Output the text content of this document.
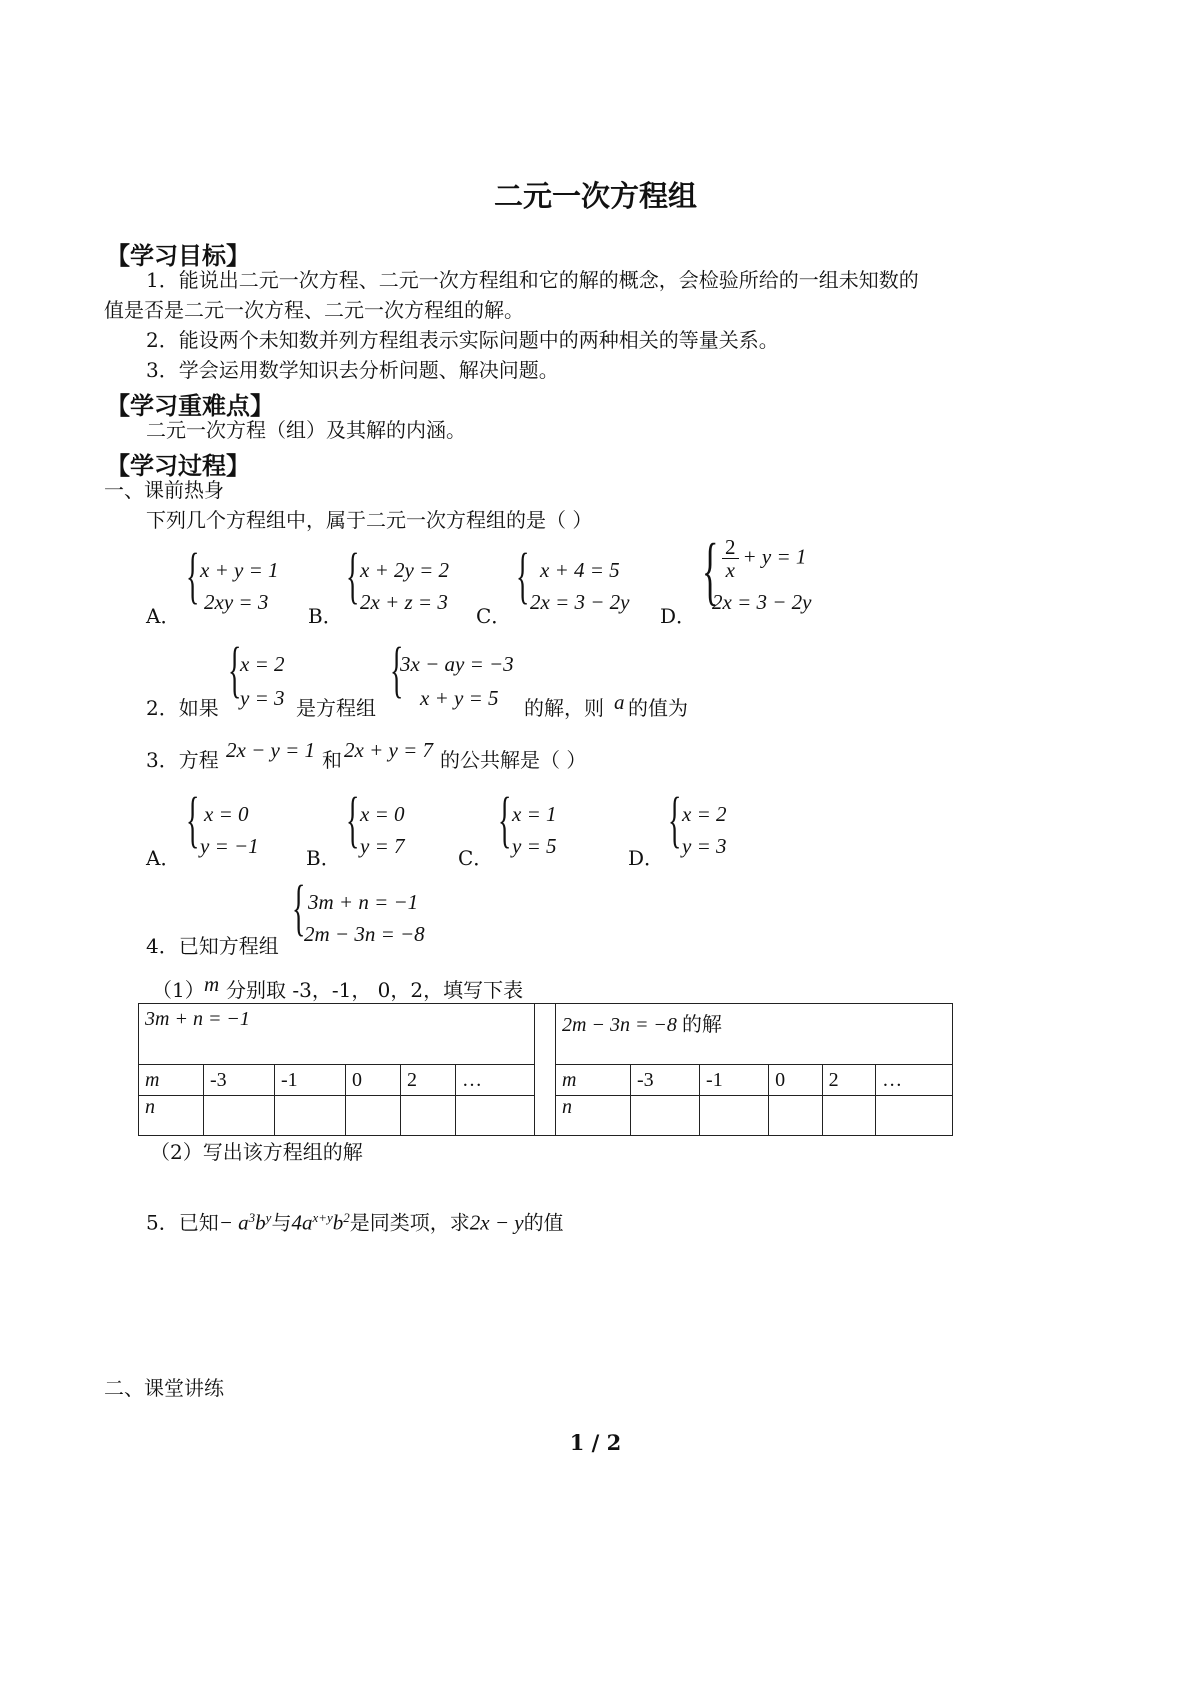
二元一次方程组
【学习目标】
1．能说出二元一次方程、二元一次方程组和它的解的概念，会检验所给的一组未知数的
值是否是二元一次方程、二元一次方程组的解。
2．能设两个未知数并列方程组表示实际问题中的两种相关的等量关系。
3．学会运用数学知识去分析问题、解决问题。
【学习重难点】
二元一次方程（组）及其解的内涵。
【学习过程】
一、课前热身
下列几个方程组中，属于二元一次方程组的是（ ）
A．
{ x + y = 1
2xy = 3
B．
{ x + 2y = 2
2x + z = 3
C．
{ x + 4 = 5
2x = 3 − 2y
D．
{ $\frac{2}{x} + y = 1$
2x = 3 − 2y
2．如果
{
x = 2
y = 3 是方程组
{
3x − ay = −3
x + y = 5 的解，则 a 的值为
3．方程 2x − y = 1 和 2x + y = 7 的公共解是（ ）
A．
{ x = 0
y = −1 B．
{ x = 0
y = 7	C．
{ x = 1
y = 5	D．
{ x = 2
y = 3
4．已知方程组
{ 3m + n = −1
2m − 3n = −8
（1） m 分别取 -3，-1， 0，2，填写下表
3m + n = −1					
m	-3	-1	0	2	…
n					
2m − 3n = −8 的解					
m	-3	-1	0	2	…
n					
（2）写出该方程组的解
5．已知− $a^3b^y$与$4a^{x+y}b^2$是同类项，求2x − y的值
二、课堂讲练
1 / 2
